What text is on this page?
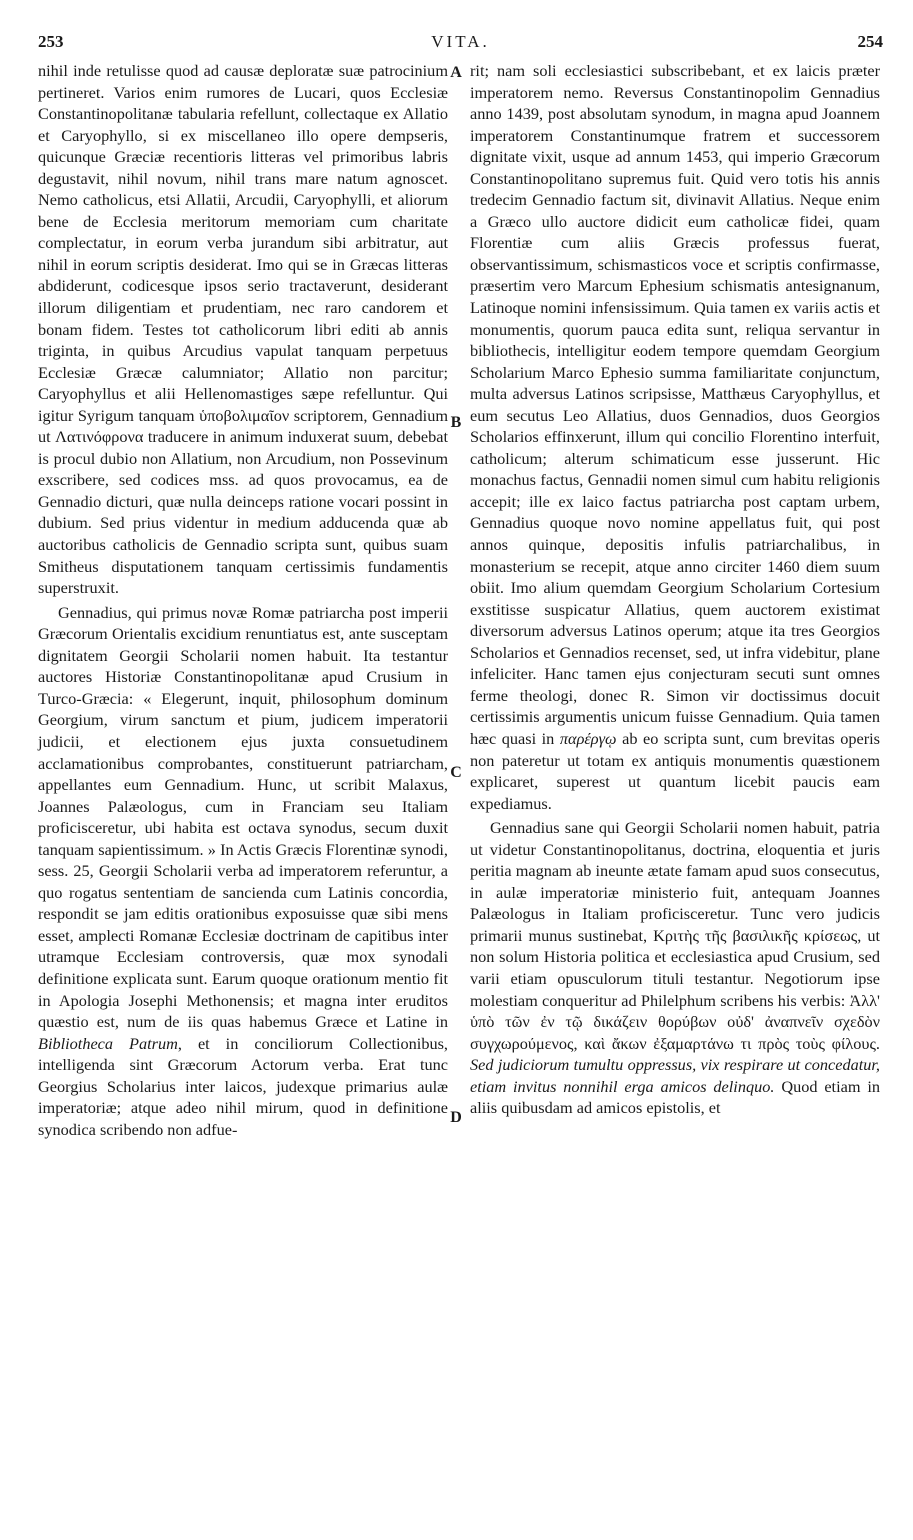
253	VITA.	254
A
B
C
D

nihil inde retulisse quod ad causæ deploratæ suæ patrocinium pertineret. Varios enim rumores de Lucari, quos Ecclesiæ Constantinopolitanæ tabularia refellunt, collectaque ex Allatio et Caryophyllo, si ex miscellaneo illo opere dempseris, quicunque Græciæ recentioris litteras vel primoribus labris degustavit, nihil novum, nihil trans mare natum agnoscet. Nemo catholicus, etsi Allatii, Arcudii, Caryophylli, et aliorum bene de Ecclesia meritorum memoriam cum charitate complectatur, in eorum verba jurandum sibi arbitratur, aut nihil in eorum scriptis desiderat. Imo qui se in Græcas litteras abdiderunt, codicesque ipsos serio tractaverunt, desiderant illorum diligentiam et prudentiam, nec raro candorem et bonam fidem. Testes tot catholicorum libri editi ab annis triginta, in quibus Arcudius vapulat tanquam perpetuus Ecclesiæ Græcæ calumniator; Allatio non parcitur; Caryophyllus et alii Hellenomastiges sæpe refelluntur. Qui igitur Syrigum tanquam ὑποβολιμαῖον scriptorem, Gennadium ut Λατινόφρονα traducere in animum induxerat suum, debebat is procul dubio non Allatium, non Arcudium, non Possevinum exscribere, sed codices mss. ad quos provocamus, ea de Gennadio dicturi, quæ nulla deinceps ratione vocari possint in dubium. Sed prius videntur in medium adducenda quæ ab auctoribus catholicis de Gennadio scripta sunt, quibus suam Smitheus disputationem tanquam certissimis fundamentis superstruxit.

Gennadius, qui primus novæ Romæ patriarcha post imperii Græcorum Orientalis excidium renuntiatus est, ante susceptam dignitatem Georgii Scholarii nomen habuit. Ita testantur auctores Historiæ Constantinopolitanæ apud Crusium in Turco-Græcia: « Elegerunt, inquit, philosophum dominum Georgium, virum sanctum et pium, judicem imperatorii judicii, et electionem ejus juxta consuetudinem acclamationibus comprobantes, constituerunt patriarcham, appellantes eum Gennadium. Hunc, ut scribit Malaxus, Joannes Palæologus, cum in Franciam seu Italiam proficisceretur, ubi habita est octava synodus, secum duxit tanquam sapientissimum. » In Actis Græcis Florentinæ synodi, sess. 25, Georgii Scholarii verba ad imperatorem referuntur, a quo rogatus sententiam de sancienda cum Latinis concordia, respondit se jam editis orationibus exposuisse quæ sibi mens esset, amplecti Romanæ Ecclesiæ doctrinam de capitibus inter utramque Ecclesiam controversis, quæ mox synodali definitione explicata sunt. Earum quoque orationum mentio fit in Apologia Josephi Methonensis; et magna inter eruditos quæstio est, num de iis quas habemus Græce et Latine in Bibliotheca Patrum, et in conciliorum Collectionibus, intelligenda sint Græcorum Actorum verba. Erat tunc Georgius Scholarius inter laicos, judexque primarius aulæ imperatoriæ; atque adeo nihil mirum, quod in definitione synodica scribendo non adfue-

rit; nam soli ecclesiastici subscribebant, et ex laicis præter imperatorem nemo. Reversus Constantinopolim Gennadius anno 1439, post absolutam synodum, in magna apud Joannem imperatorem Constantinumque fratrem et successorem dignitate vixit, usque ad annum 1453, qui imperio Græcorum Constantinopolitano supremus fuit. Quid vero totis his annis tredecim Gennadio factum sit, divinavit Allatius. Neque enim a Græco ullo auctore didicit eum catholicæ fidei, quam Florentiæ cum aliis Græcis professus fuerat, observantissimum, schismasticos voce et scriptis confirmasse, præsertim vero Marcum Ephesium schismatis antesignanum, Latinoque nomini infensissimum. Quia tamen ex variis actis et monumentis, quorum pauca edita sunt, reliqua servantur in bibliothecis, intelligitur eodem tempore quemdam Georgium Scholarium Marco Ephesio summa familiaritate conjunctum, multa adversus Latinos scripsisse, Matthæus Caryophyllus, et eum secutus Leo Allatius, duos Gennadios, duos Georgios Scholarios effinxerunt, illum qui concilio Florentino interfuit, catholicum; alterum schimaticum esse jusserunt. Hic monachus factus, Gennadii nomen simul cum habitu religionis accepit; ille ex laico factus patriarcha post captam urbem, Gennadius quoque novo nomine appellatus fuit, qui post annos quinque, depositis infulis patriarchalibus, in monasterium se recepit, atque anno circiter 1460 diem suum obiit. Imo alium quemdam Georgium Scholarium Cortesium exstitisse suspicatur Allatius, quem auctorem existimat diversorum adversus Latinos operum; atque ita tres Georgios Scholarios et Gennadios recenset, sed, ut infra videbitur, plane infeliciter. Hanc tamen ejus conjecturam secuti sunt omnes ferme theologi, donec R. Simon vir doctissimus docuit certissimis argumentis unicum fuisse Gennadium. Quia tamen hæc quasi in παρέργῳ ab eo scripta sunt, cum brevitas operis non pateretur ut totam ex antiquis monumentis quæstionem explicaret, superest ut quantum licebit paucis eam expediamus.

Gennadius sane qui Georgii Scholarii nomen habuit, patria ut videtur Constantinopolitanus, doctrina, eloquentia et juris peritia magnam ab ineunte ætate famam apud suos consecutus, in aulæ imperatoriæ ministerio fuit, antequam Joannes Palæologus in Italiam proficisceretur. Tunc vero judicis primarii munus sustinebat, Κριτὴς τῆς βασιλικῆς κρίσεως, ut non solum Historia politica et ecclesiastica apud Crusium, sed varii etiam opusculorum tituli testantur. Negotiorum ipse molestiam conqueritur ad Philelphum scribens his verbis: Ἀλλ' ὑπὸ τῶν ἐν τῷ δικάζειν θορύβων οὐδ' ἀναπνεῖν σχεδὸν συγχωρούμενος, καὶ ἄκων ἐξαμαρτάνω τι πρὸς τοὺς φίλους. Sed judiciorum tumultu oppressus, vix respirare ut concedatur, etiam invitus nonnihil erga amicos delinquo. Quod etiam in aliis quibusdam ad amicos epistolis, et
